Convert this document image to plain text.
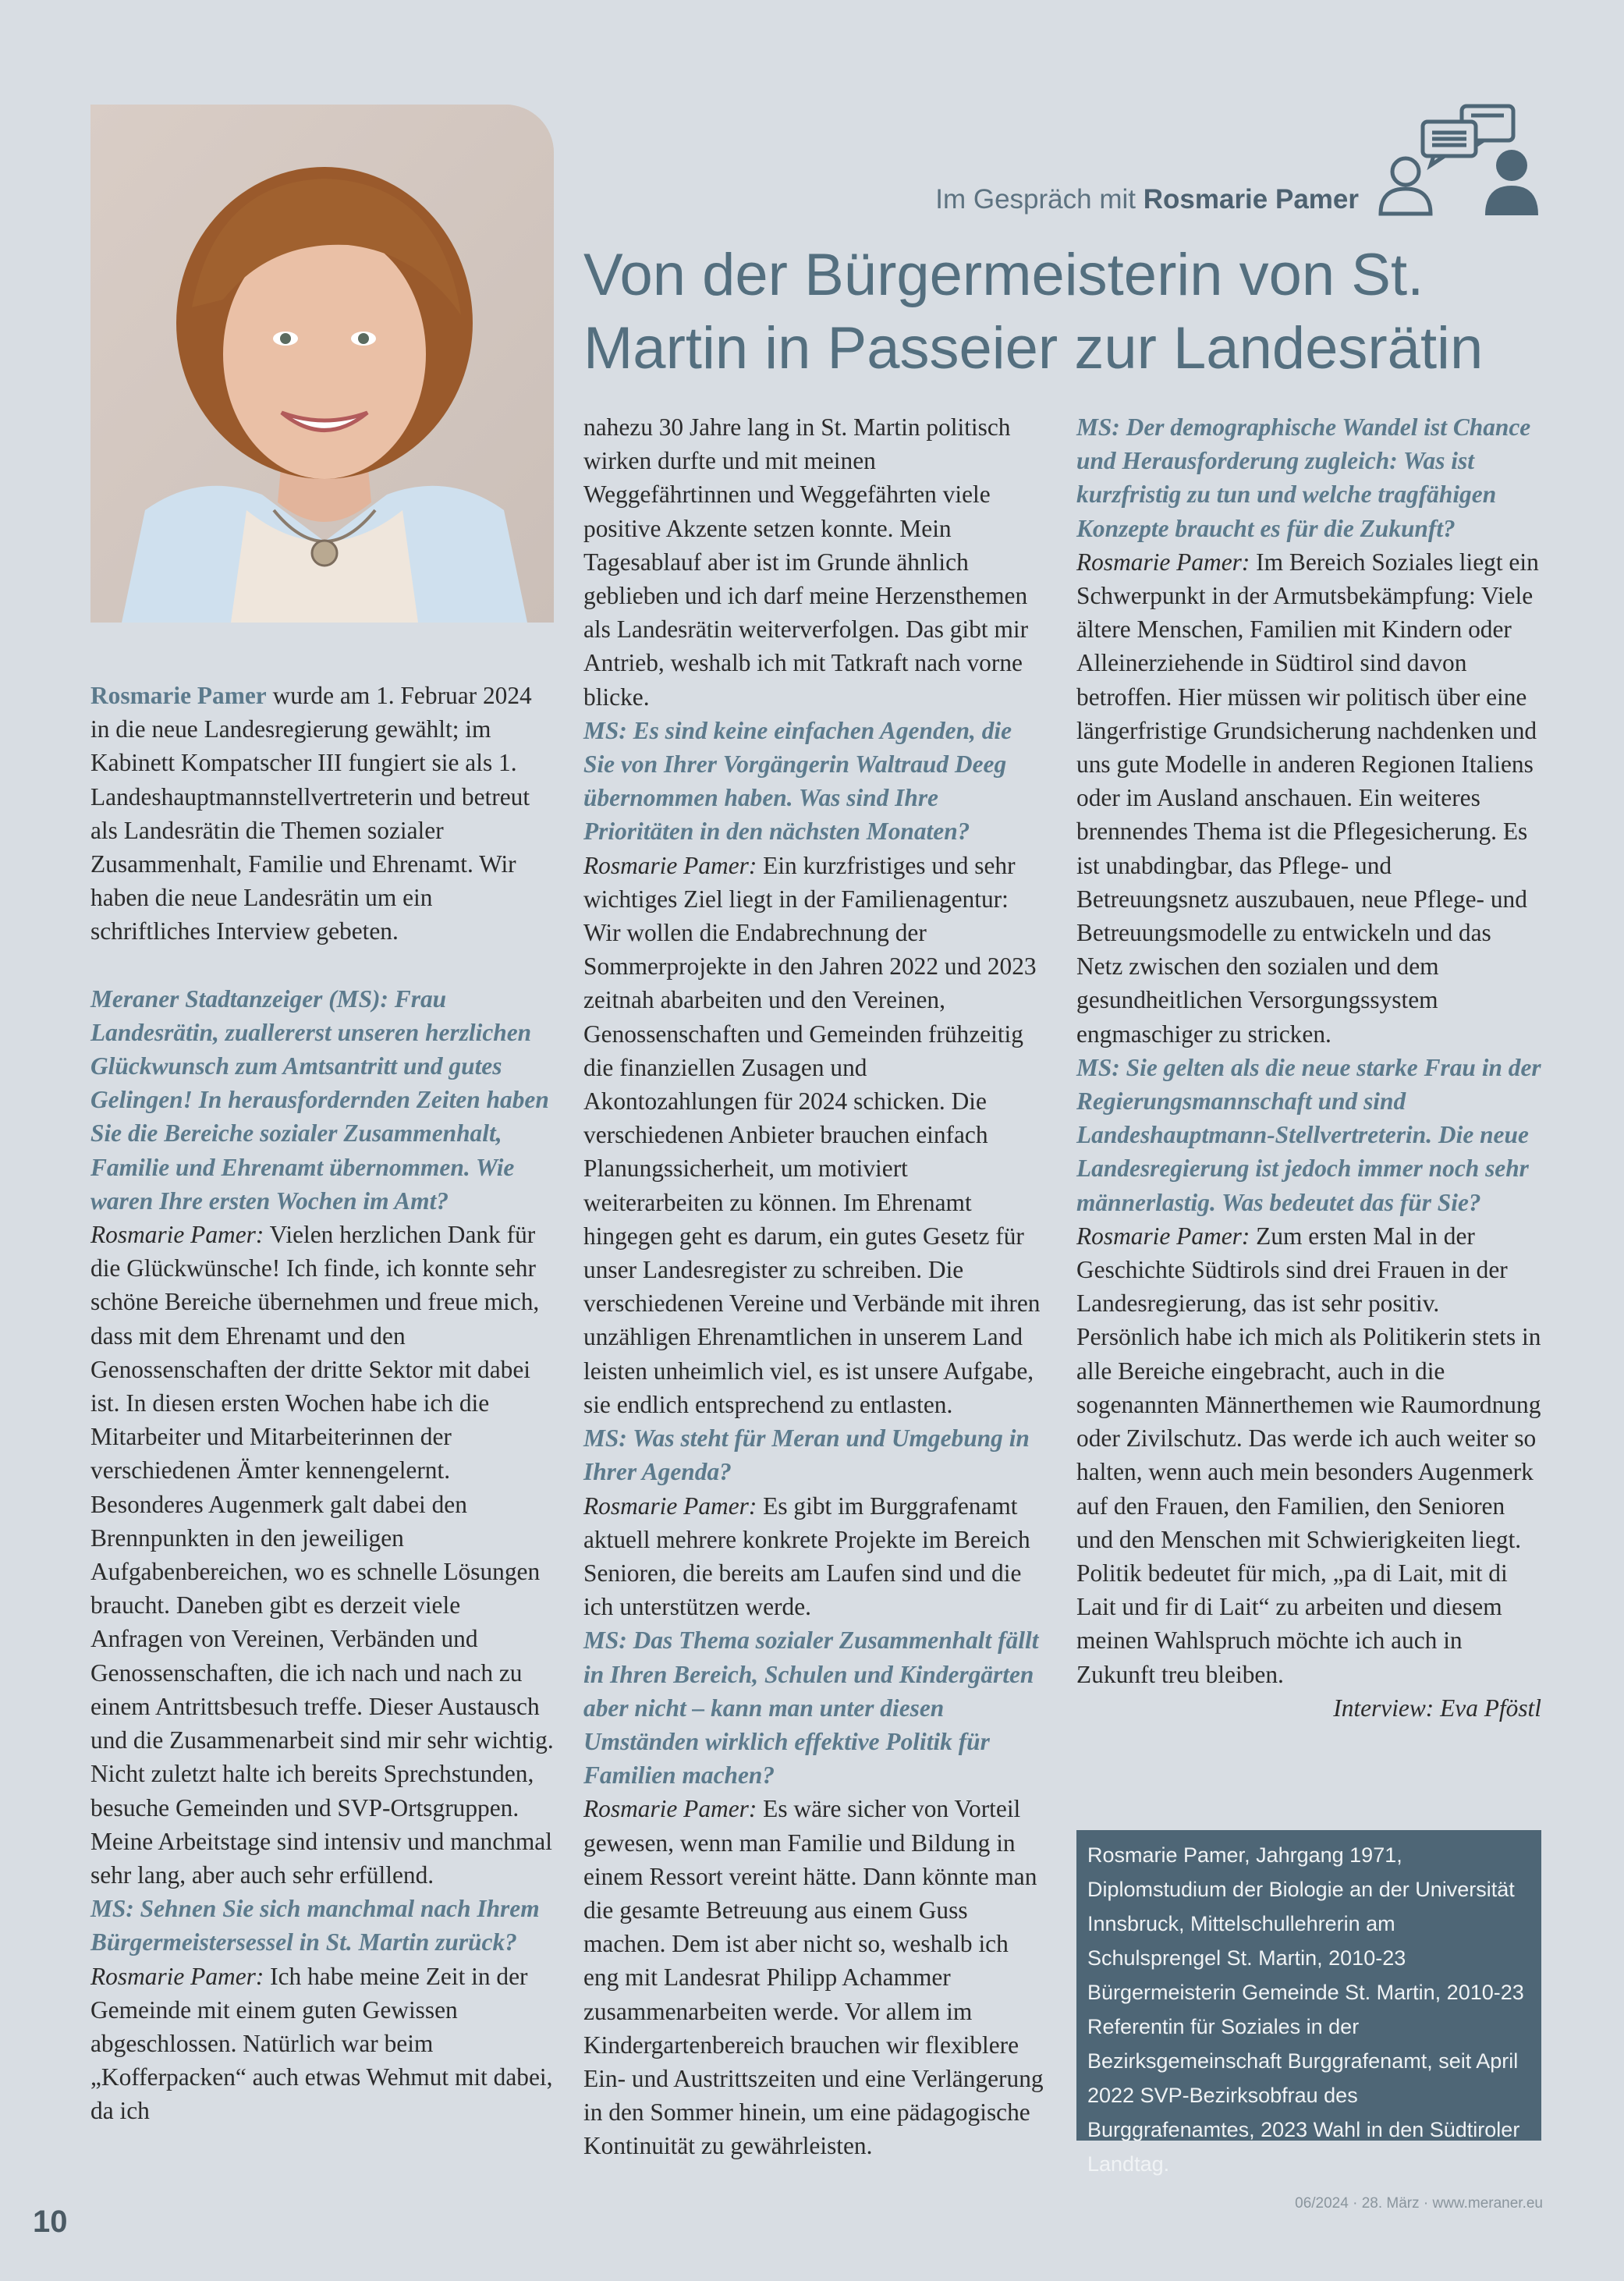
Im Gespräch mit Rosmarie Pamer
Von der Bürgermeisterin von St. Martin in Passeier zur Landesrätin

Rosmarie Pamer wurde am 1. Februar 2024 in die neue Landesregierung gewählt; im Kabinett Kompatscher III fungiert sie als 1. Landeshauptmannstellvertreterin und betreut als Landesrätin die Themen sozialer Zusammenhalt, Familie und Ehrenamt. Wir haben die neue Landesrätin um ein schriftliches Interview gebeten.

Meraner Stadtanzeiger (MS): Frau Landesrätin, zuallererst unseren herzlichen Glückwunsch zum Amtsantritt und gutes Gelingen! In herausfordernden Zeiten haben Sie die Bereiche sozialer Zusammenhalt, Familie und Ehrenamt übernommen. Wie waren Ihre ersten Wochen im Amt?

Rosmarie Pamer: Vielen herzlichen Dank für die Glückwünsche! Ich finde, ich konnte sehr schöne Bereiche übernehmen und freue mich, dass mit dem Ehrenamt und den Genossenschaften der dritte Sektor mit dabei ist. In diesen ersten Wochen habe ich die Mitarbeiter und Mitarbeiterinnen der verschiedenen Ämter kennengelernt. Besonderes Augenmerk galt dabei den Brennpunkten in den jeweiligen Aufgabenbereichen, wo es schnelle Lösungen braucht. Daneben gibt es derzeit viele Anfragen von Vereinen, Verbänden und Genossenschaften, die ich nach und nach zu einem Antrittsbesuch treffe. Dieser Austausch und die Zusammenarbeit sind mir sehr wichtig. Nicht zuletzt halte ich bereits Sprechstunden, besuche Gemeinden und SVP-Ortsgruppen. Meine Arbeitstage sind intensiv und manchmal sehr lang, aber auch sehr erfüllend.

MS: Sehnen Sie sich manchmal nach Ihrem Bürgermeistersessel in St. Martin zurück?

Rosmarie Pamer: Ich habe meine Zeit in der Gemeinde mit einem guten Gewissen abgeschlossen. Natürlich war beim „Kofferpacken“ auch etwas Wehmut mit dabei, da ich

nahezu 30 Jahre lang in St. Martin politisch wirken durfte und mit meinen Weggefährtinnen und Weggefährten viele positive Akzente setzen konnte. Mein Tagesablauf aber ist im Grunde ähnlich geblieben und ich darf meine Herzensthemen als Landesrätin weiterverfolgen. Das gibt mir Antrieb, weshalb ich mit Tatkraft nach vorne blicke.

MS: Es sind keine einfachen Agenden, die Sie von Ihrer Vorgängerin Waltraud Deeg übernommen haben. Was sind Ihre Prioritäten in den nächsten Monaten?

Rosmarie Pamer: Ein kurzfristiges und sehr wichtiges Ziel liegt in der Familienagentur: Wir wollen die Endabrechnung der Sommerprojekte in den Jahren 2022 und 2023 zeitnah abarbeiten und den Vereinen, Genossenschaften und Gemeinden frühzeitig die finanziellen Zusagen und Akontozahlungen für 2024 schicken. Die verschiedenen Anbieter brauchen einfach Planungssicherheit, um motiviert weiterarbeiten zu können. Im Ehrenamt hingegen geht es darum, ein gutes Gesetz für unser Landesregister zu schreiben. Die verschiedenen Vereine und Verbände mit ihren unzähligen Ehrenamtlichen in unserem Land leisten unheimlich viel, es ist unsere Aufgabe, sie endlich entsprechend zu entlasten.

MS: Was steht für Meran und Umgebung in Ihrer Agenda?

Rosmarie Pamer: Es gibt im Burggrafenamt aktuell mehrere konkrete Projekte im Bereich Senioren, die bereits am Laufen sind und die ich unterstützen werde.

MS: Das Thema sozialer Zusammenhalt fällt in Ihren Bereich, Schulen und Kindergärten aber nicht – kann man unter diesen Umständen wirklich effektive Politik für Familien machen?

Rosmarie Pamer: Es wäre sicher von Vorteil gewesen, wenn man Familie und Bildung in einem Ressort vereint hätte. Dann könnte man die gesamte Betreuung aus einem Guss machen. Dem ist aber nicht so, weshalb ich eng mit Landesrat Philipp Achammer zusammenarbeiten werde. Vor allem im Kindergartenbereich brauchen wir flexiblere Ein- und Austrittszeiten und eine Verlängerung in den Sommer hinein, um eine pädagogische Kontinuität zu gewährleisten.

MS: Der demographische Wandel ist Chance und Herausforderung zugleich: Was ist kurzfristig zu tun und welche tragfähigen Konzepte braucht es für die Zukunft?

Rosmarie Pamer: Im Bereich Soziales liegt ein Schwerpunkt in der Armutsbekämpfung: Viele ältere Menschen, Familien mit Kindern oder Alleinerziehende in Südtirol sind davon betroffen. Hier müssen wir politisch über eine längerfristige Grundsicherung nachdenken und uns gute Modelle in anderen Regionen Italiens oder im Ausland anschauen. Ein weiteres brennendes Thema ist die Pflegesicherung. Es ist unabdingbar, das Pflege- und Betreuungsnetz auszubauen, neue Pflege- und Betreuungsmodelle zu entwickeln und das Netz zwischen den sozialen und dem gesundheitlichen Versorgungssystem engmaschiger zu stricken.

MS: Sie gelten als die neue starke Frau in der Regierungsmannschaft und sind Landeshauptmann-Stellvertreterin. Die neue Landesregierung ist jedoch immer noch sehr männerlastig. Was bedeutet das für Sie?

Rosmarie Pamer: Zum ersten Mal in der Geschichte Südtirols sind drei Frauen in der Landesregierung, das ist sehr positiv. Persönlich habe ich mich als Politikerin stets in alle Bereiche eingebracht, auch in die sogenannten Männerthemen wie Raumordnung oder Zivilschutz. Das werde ich auch weiter so halten, wenn auch mein besonders Augenmerk auf den Frauen, den Familien, den Senioren und den Menschen mit Schwierigkeiten liegt. Politik bedeutet für mich, „pa di Lait, mit di Lait und fir di Lait“ zu arbeiten und diesem meinen Wahlspruch möchte ich auch in Zukunft treu bleiben.

Interview: Eva Pföstl

Rosmarie Pamer, Jahrgang 1971, Diplomstudium der Biologie an der Universität Innsbruck, Mittelschullehrerin am Schulsprengel St. Martin, 2010-23 Bürgermeisterin Gemeinde St. Martin, 2010-23 Referentin für Soziales in der Bezirksgemeinschaft Burggrafenamt, seit April 2022 SVP-Bezirksobfrau des Burggrafenamtes, 2023 Wahl in den Südtiroler Landtag.
06/2024 · 28. März · www.meraner.eu
10
